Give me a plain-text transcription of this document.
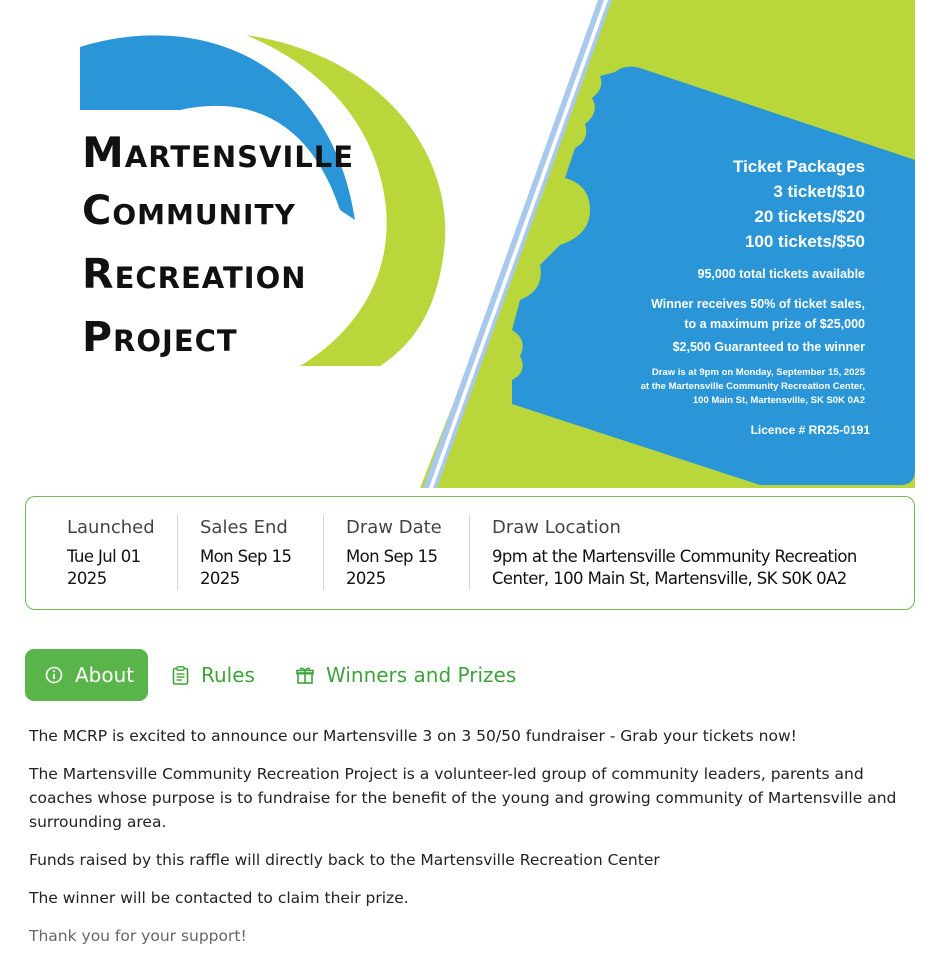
Martensville
Community
Recreation
Project
Ticket Packages
3 ticket/$10
20 tickets/$20
100 tickets/$50
95,000 total tickets available
Winner receives 50% of ticket sales,
to a maximum prize of $25,000
$2,500 Guaranteed to the winner
Draw is at 9pm on Monday, September 15, 2025
at the Martensville Community Recreation Center,
100 Main St, Martensville, SK S0K 0A2
Licence # RR25-0191
Launched
Tue Jul 01
2025
Sales End
Mon Sep 15
2025
Draw Date
Mon Sep 15
2025
Draw Location
9pm at the Martensville Community Recreation
Center, 100 Main St, Martensville, SK S0K 0A2
About	Rules	Winners and Prizes

The MCRP is excited to announce our Martensville 3 on 3 50/50 fundraiser - Grab your tickets now!

The Martensville Community Recreation Project is a volunteer-led group of community leaders, parents and coaches whose purpose is to fundraise for the benefit of the young and growing community of Martensville and surrounding area.

Funds raised by this raffle will directly back to the Martensville Recreation Center

The winner will be contacted to claim their prize.

Thank you for your support!
